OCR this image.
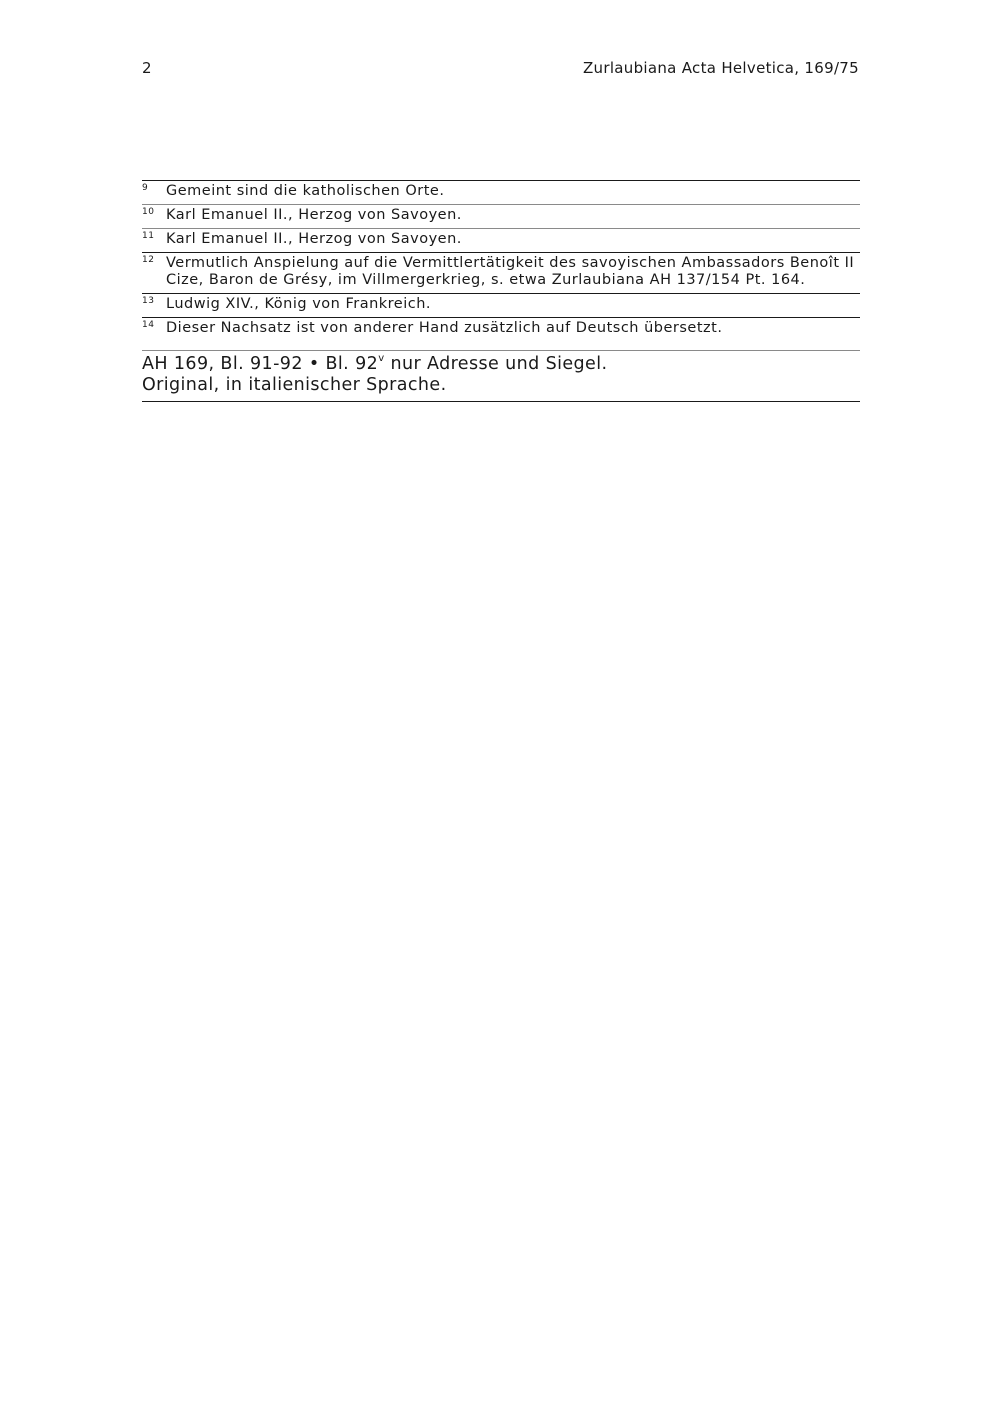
2	Zurlaubiana Acta Helvetica, 169/75
9	Gemeint sind die katholischen Orte.
10 Karl Emanuel II., Herzog von Savoyen.
11 Karl Emanuel II., Herzog von Savoyen.
12 Vermutlich Anspielung auf die Vermittlertätigkeit des savoyischen Ambassadors Benoît II
Cize, Baron de Grésy, im Villmergerkrieg, s. etwa Zurlaubiana AH 137/154 Pt. 164.
13 Ludwig XIV., König von Frankreich.
14 Dieser Nachsatz ist von anderer Hand zusätzlich auf Deutsch übersetzt.
AH 169, Bl. 91-92 • Bl. 92$^v$ nur Adresse und Siegel.
Original, in italienischer Sprache.
